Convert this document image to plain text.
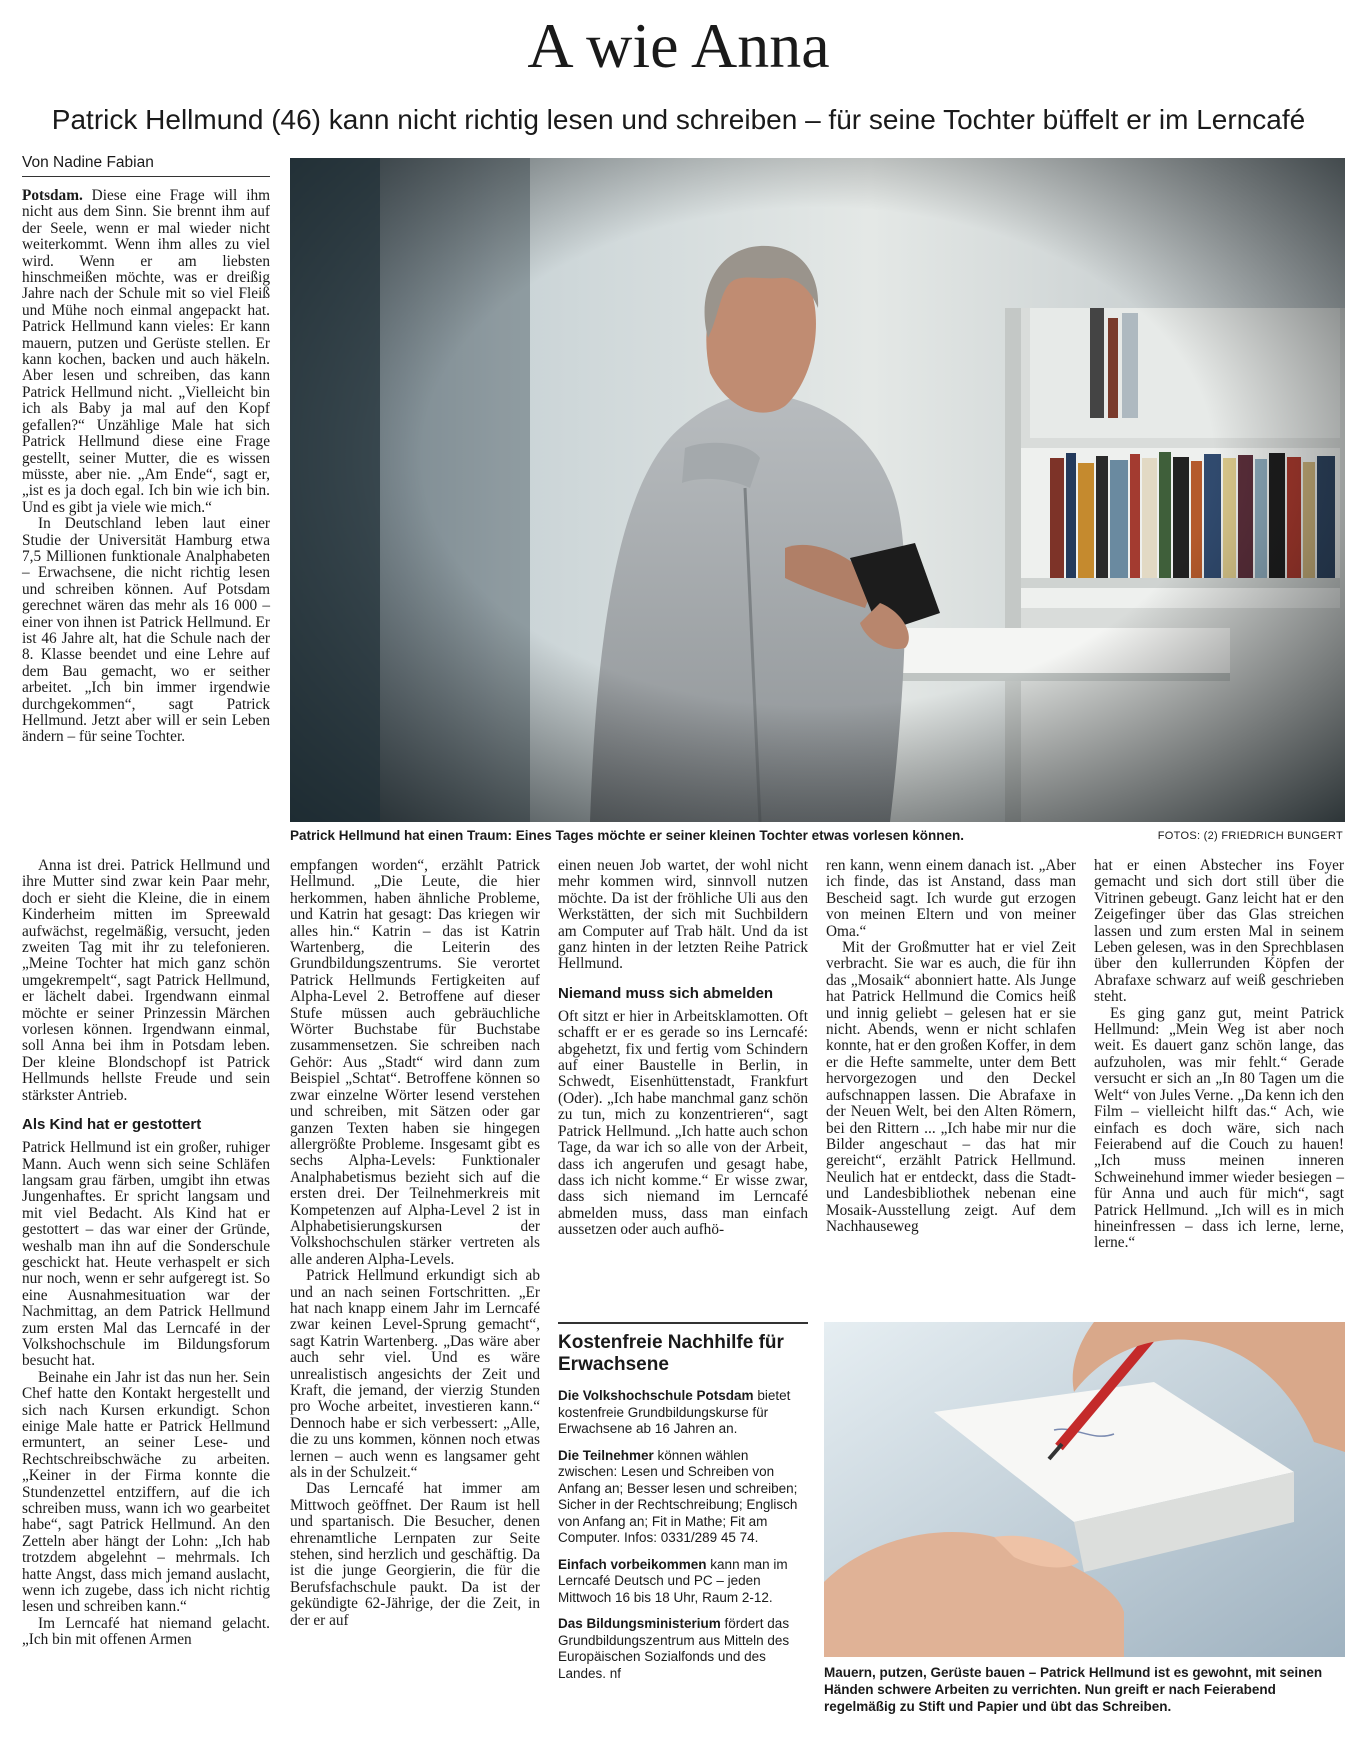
A wie Anna
Patrick Hellmund (46) kann nicht richtig lesen und schreiben – für seine Tochter büffelt er im Lerncafé
Von Nadine Fabian

Potsdam. Diese eine Frage will ihm nicht aus dem Sinn. Sie brennt ihm auf der Seele, wenn er mal wieder nicht weiterkommt. Wenn ihm alles zu viel wird. Wenn er am liebsten hinschmeißen möchte, was er dreißig Jahre nach der Schule mit so viel Fleiß und Mühe noch einmal angepackt hat. Patrick Hellmund kann vieles: Er kann mauern, putzen und Gerüste stellen. Er kann kochen, backen und auch häkeln. Aber lesen und schreiben, das kann Patrick Hellmund nicht. „Vielleicht bin ich als Baby ja mal auf den Kopf gefallen?“ Unzählige Male hat sich Patrick Hellmund diese eine Frage gestellt, seiner Mutter, die es wissen müsste, aber nie. „Am Ende“, sagt er, „ist es ja doch egal. Ich bin wie ich bin. Und es gibt ja viele wie mich.“

In Deutschland leben laut einer Studie der Universität Hamburg etwa 7,5 Millionen funktionale Analphabeten – Erwachsene, die nicht richtig lesen und schreiben können. Auf Potsdam gerechnet wären das mehr als 16 000 – einer von ihnen ist Patrick Hellmund. Er ist 46 Jahre alt, hat die Schule nach der 8. Klasse beendet und eine Lehre auf dem Bau gemacht, wo er seither arbeitet. „Ich bin immer irgendwie durchgekommen“, sagt Patrick Hellmund. Jetzt aber will er sein Leben ändern – für seine Tochter.

Patrick Hellmund hat einen Traum: Eines Tages möchte er seiner kleinen Tochter etwas vorlesen können.	FOTOS: (2) FRIEDRICH BUNGERT

Anna ist drei. Patrick Hellmund und ihre Mutter sind zwar kein Paar mehr, doch er sieht die Kleine, die in einem Kinderheim mitten im Spreewald aufwächst, regelmäßig, versucht, jeden zweiten Tag mit ihr zu telefonieren. „Meine Tochter hat mich ganz schön umgekrempelt“, sagt Patrick Hellmund, er lächelt dabei. Irgendwann einmal möchte er seiner Prinzessin Märchen vorlesen können. Irgendwann einmal, soll Anna bei ihm in Potsdam leben. Der kleine Blondschopf ist Patrick Hellmunds hellste Freude und sein stärkster Antrieb.

Als Kind hat er gestottert

Patrick Hellmund ist ein großer, ruhiger Mann. Auch wenn sich seine Schläfen langsam grau färben, umgibt ihn etwas Jungenhaftes. Er spricht langsam und mit viel Bedacht. Als Kind hat er gestottert – das war einer der Gründe, weshalb man ihn auf die Sonderschule geschickt hat. Heute verhaspelt er sich nur noch, wenn er sehr aufgeregt ist. So eine Ausnahmesituation war der Nachmittag, an dem Patrick Hellmund zum ersten Mal das Lerncafé in der Volkshochschule im Bildungsforum besucht hat.

Beinahe ein Jahr ist das nun her. Sein Chef hatte den Kontakt hergestellt und sich nach Kursen erkundigt. Schon einige Male hatte er Patrick Hellmund ermuntert, an seiner Lese- und Rechtschreibschwäche zu arbeiten. „Keiner in der Firma konnte die Stundenzettel entziffern, auf die ich schreiben muss, wann ich wo gearbeitet habe“, sagt Patrick Hellmund. An den Zetteln aber hängt der Lohn: „Ich hab trotzdem abgelehnt – mehrmals. Ich hatte Angst, dass mich jemand auslacht, wenn ich zugebe, dass ich nicht richtig lesen und schreiben kann.“

Im Lerncafé hat niemand gelacht. „Ich bin mit offenen Armen

empfangen worden“, erzählt Patrick Hellmund. „Die Leute, die hier herkommen, haben ähnliche Probleme, und Katrin hat gesagt: Das kriegen wir alles hin.“ Katrin – das ist Katrin Wartenberg, die Leiterin des Grundbildungszentrums. Sie verortet Patrick Hellmunds Fertigkeiten auf Alpha-Level 2. Betroffene auf dieser Stufe müssen auch gebräuchliche Wörter Buchstabe für Buchstabe zusammensetzen. Sie schreiben nach Gehör: Aus „Stadt“ wird dann zum Beispiel „Schtat“. Betroffene können so zwar einzelne Wörter lesend verstehen und schreiben, mit Sätzen oder gar ganzen Texten haben sie hingegen allergrößte Probleme. Insgesamt gibt es sechs Alpha-Levels: Funktionaler Analphabetismus bezieht sich auf die ersten drei. Der Teilnehmerkreis mit Kompetenzen auf Alpha-Level 2 ist in Alphabetisierungskursen der Volkshochschulen stärker vertreten als alle anderen Alpha-Levels.

Patrick Hellmund erkundigt sich ab und an nach seinen Fortschritten. „Er hat nach knapp einem Jahr im Lerncafé zwar keinen Level-Sprung gemacht“, sagt Katrin Wartenberg. „Das wäre aber auch sehr viel. Und es wäre unrealistisch angesichts der Zeit und Kraft, die jemand, der vierzig Stunden pro Woche arbeitet, investieren kann.“ Dennoch habe er sich verbessert: „Alle, die zu uns kommen, können noch etwas lernen – auch wenn es langsamer geht als in der Schulzeit.“

Das Lerncafé hat immer am Mittwoch geöffnet. Der Raum ist hell und spartanisch. Die Besucher, denen ehrenamtliche Lernpaten zur Seite stehen, sind herzlich und geschäftig. Da ist die junge Georgierin, die für die Berufsfachschule paukt. Da ist der gekündigte 62-Jährige, der die Zeit, in der er auf

einen neuen Job wartet, der wohl nicht mehr kommen wird, sinnvoll nutzen möchte. Da ist der fröhliche Uli aus den Werkstätten, der sich mit Suchbildern am Computer auf Trab hält. Und da ist ganz hinten in der letzten Reihe Patrick Hellmund.

Niemand muss sich abmelden

Oft sitzt er hier in Arbeitsklamotten. Oft schafft er er es gerade so ins Lerncafé: abgehetzt, fix und fertig vom Schindern auf einer Baustelle in Berlin, in Schwedt, Eisenhüttenstadt, Frankfurt (Oder). „Ich habe manchmal ganz schön zu tun, mich zu konzentrieren“, sagt Patrick Hellmund. „Ich hatte auch schon Tage, da war ich so alle von der Arbeit, dass ich angerufen und gesagt habe, dass ich nicht komme.“ Er wisse zwar, dass sich niemand im Lerncafé abmelden muss, dass man einfach aussetzen oder auch aufhö-

ren kann, wenn einem danach ist. „Aber ich finde, das ist Anstand, dass man Bescheid sagt. Ich wurde gut erzogen von meinen Eltern und von meiner Oma.“

Mit der Großmutter hat er viel Zeit verbracht. Sie war es auch, die für ihn das „Mosaik“ abonniert hatte. Als Junge hat Patrick Hellmund die Comics heiß und innig geliebt – gelesen hat er sie nicht. Abends, wenn er nicht schlafen konnte, hat er den großen Koffer, in dem er die Hefte sammelte, unter dem Bett hervorgezogen und den Deckel aufschnappen lassen. Die Abrafaxe in der Neuen Welt, bei den Alten Römern, bei den Rittern ... „Ich habe mir nur die Bilder angeschaut – das hat mir gereicht“, erzählt Patrick Hellmund. Neulich hat er entdeckt, dass die Stadt- und Landesbibliothek nebenan eine Mosaik-Ausstellung zeigt. Auf dem Nachhauseweg

hat er einen Abstecher ins Foyer gemacht und sich dort still über die Vitrinen gebeugt. Ganz leicht hat er den Zeigefinger über das Glas streichen lassen und zum ersten Mal in seinem Leben gelesen, was in den Sprechblasen über den kullerrunden Köpfen der Abrafaxe schwarz auf weiß geschrieben steht.

Es ging ganz gut, meint Patrick Hellmund: „Mein Weg ist aber noch weit. Es dauert ganz schön lange, das aufzuholen, was mir fehlt.“ Gerade versucht er sich an „In 80 Tagen um die Welt“ von Jules Verne. „Da kenn ich den Film – vielleicht hilft das.“ Ach, wie einfach es doch wäre, sich nach Feierabend auf die Couch zu hauen! „Ich muss meinen inneren Schweinehund immer wieder besiegen – für Anna und auch für mich“, sagt Patrick Hellmund. „Ich will es in mich hineinfressen – dass ich lerne, lerne, lerne.“

Kostenfreie Nachhilfe für Erwachsene

Die Volkshochschule Potsdam bietet kostenfreie Grundbildungskurse für Erwachsene ab 16 Jahren an.

Die Teilnehmer können wählen zwischen: Lesen und Schreiben von Anfang an; Besser lesen und schreiben; Sicher in der Rechtschreibung; Englisch von Anfang an; Fit in Mathe; Fit am Computer. Infos: 0331/289 45 74.

Einfach vorbeikommen kann man im Lerncafé Deutsch und PC – jeden Mittwoch 16 bis 18 Uhr, Raum 2-12.

Das Bildungsministerium fördert das Grundbildungszentrum aus Mitteln des Europäischen Sozialfonds und des Landes. nf	Mauern, putzen, Gerüste bauen – Patrick Hellmund ist es gewohnt, mit seinen Händen schwere Arbeiten zu verrichten. Nun greift er nach Feierabend regelmäßig zu Stift und Papier und übt das Schreiben.
